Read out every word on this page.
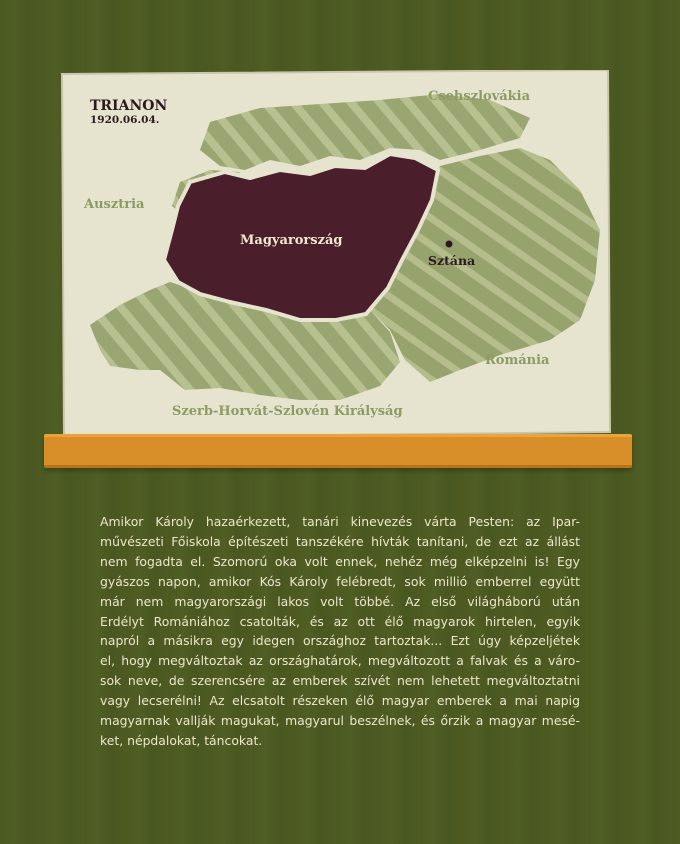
TRIANON
1920.06.04.
Csehszlovákia
Ausztria
Magyarország
Sztána
Románia
Szerb-Horvát-Szlovén Királyság
Amikor Károly hazaérkezett, tanári kinevezés várta Pesten: az Ipar-
művészeti Főiskola építészeti tanszékére hívták tanítani, de ezt az állást
nem fogadta el. Szomorú oka volt ennek, nehéz még elképzelni is! Egy
gyászos napon, amikor Kós Károly felébredt, sok millió emberrel együtt
már nem magyarországi lakos volt többé. Az első világháború után
Erdélyt Romániához csatolták, és az ott élő magyarok hirtelen, egyik
napról a másikra egy idegen országhoz tartoztak... Ezt úgy képzeljétek
el, hogy megváltoztak az országhatárok, megváltozott a falvak és a váro-
sok neve, de szerencsére az emberek szívét nem lehetett megváltoztatni
vagy lecserélni! Az elcsatolt részeken élő magyar emberek a mai napig
magyarnak vallják magukat, magyarul beszélnek, és őrzik a magyar mesé-
ket, népdalokat, táncokat.
